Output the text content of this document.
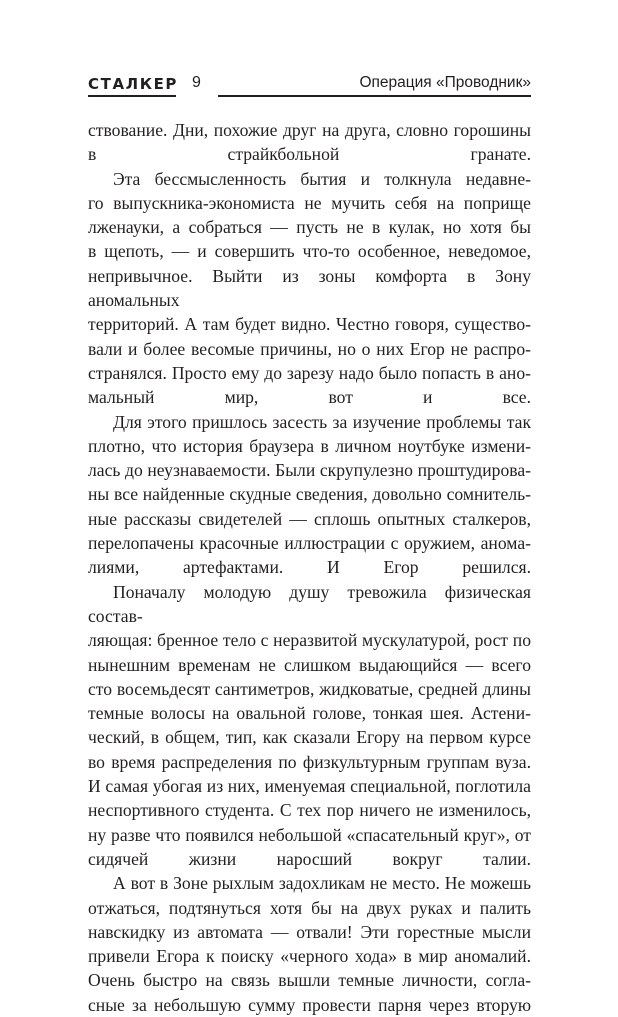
СТАЛКЕР 9	Операция «Проводник»

ствование. Дни, похожие друг на друга, словно горошины
в страйкбольной гранате.

Эта бессмысленность бытия и толкнула недавне-
го выпускника-экономиста не мучить себя на поприще
лженауки, а собраться — пусть не в кулак, но хотя бы
в щепоть, — и совершить что-то особенное, неведомое,
непривычное. Выйти из зоны комфорта в Зону аномальных
территорий. А там будет видно. Честно говоря, существо-
вали и более весомые причины, но о них Егор не распро-
странялся. Просто ему до зарезу надо было попасть в ано-
мальный мир, вот и все.

Для этого пришлось засесть за изучение проблемы так
плотно, что история браузера в личном ноутбуке измени-
лась до неузнаваемости. Были скрупулезно проштудирова-
ны все найденные скудные сведения, довольно сомнитель-
ные рассказы свидетелей — сплошь опытных сталкеров,
перелопачены красочные иллюстрации с оружием, анома-
лиями, артефактами. И Егор решился.

Поначалу молодую душу тревожила физическая состав-
ляющая: бренное тело с неразвитой мускулатурой, рост по
нынешним временам не слишком выдающийся — всего
сто восемьдесят сантиметров, жидковатые, средней длины
темные волосы на овальной голове, тонкая шея. Астени-
ческий, в общем, тип, как сказали Егору на первом курсе
во время распределения по физкультурным группам вуза.
И самая убогая из них, именуемая специальной, поглотила
неспортивного студента. С тех пор ничего не изменилось,
ну разве что появился небольшой «спасательный круг», от
сидячей жизни наросший вокруг талии.

А вот в Зоне рыхлым задохликам не место. Не можешь
отжаться, подтянуться хотя бы на двух руках и палить
навскидку из автомата — отвали! Эти горестные мысли
привели Егора к поиску «черного хода» в мир аномалий.
Очень быстро на связь вышли темные личности, согла-
сные за небольшую сумму провести парня через вторую
